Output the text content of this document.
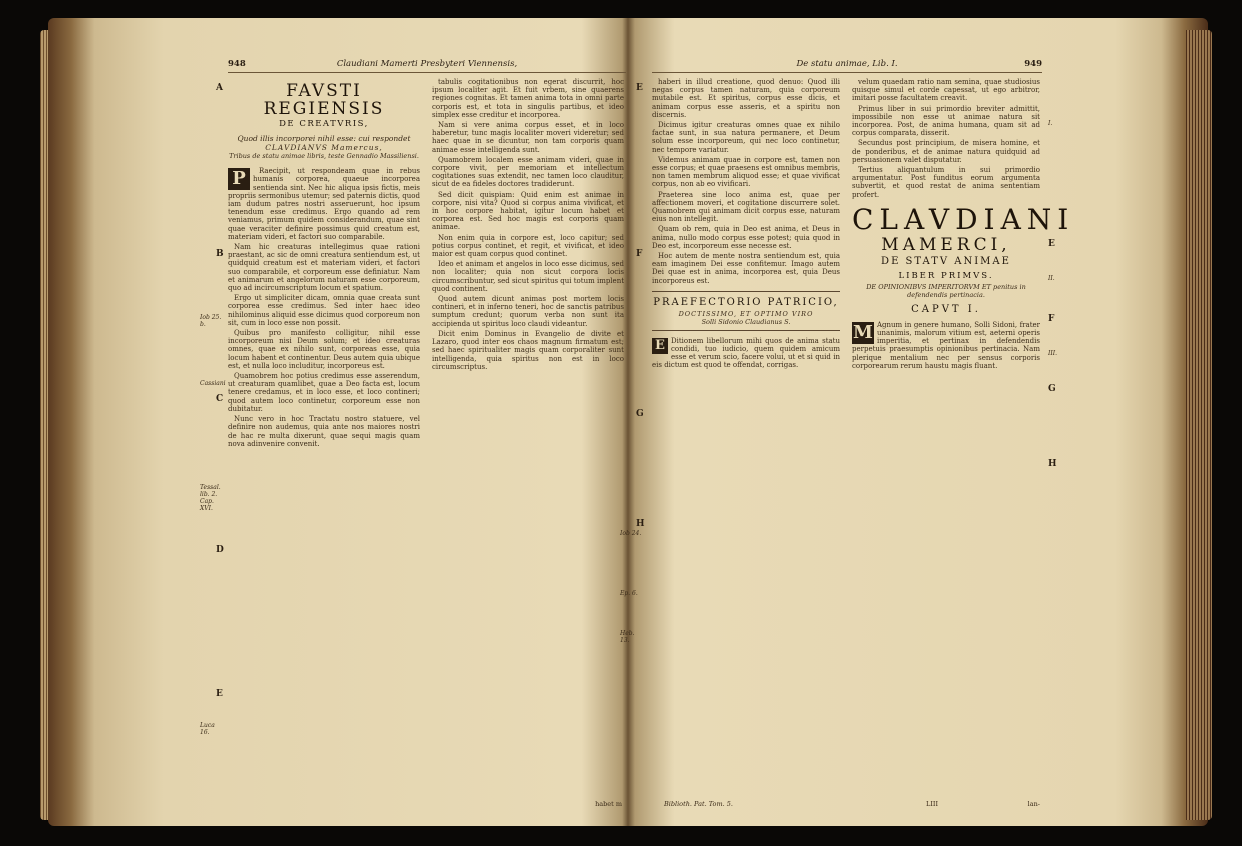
948	Claudiani Mamerti Presbyteri Viennensis,
A
B
C
D
E
Iob 25. b.
Cassiani
Tessal. lib. 2. Cap. XVI.
Luca 16.
FAVSTI REGIENSIS
DE CREATVRIS,
Quod illis incorporei nihil esse: cui respondet
CLAVDIANVS Mamercus,
Tribus de statu animae libris, teste Gennadio Massiliensi.
P	Raecipit, ut respondeam quae in rebus humanis corporea, quaeue incorporea sentienda sint. Nec hic aliqua ipsis fictis, meis propriis sermonibus utemur; sed paternis dictis, quod iam dudum patres nostri asseruerunt, hoc ipsum tenendum esse credimus. Ergo quando ad rem veniamus, primum quidem considerandum, quae sint quae veraciter definire possimus quid creatum est, materiam videri, et factori suo comparabile.

Nam hic creaturas intellegimus quae rationi praestant, ac sic de omni creatura sentiendum est, ut quidquid creatum est et materiam videri, et factori suo comparabile, et corporeum esse definiatur. Nam et animarum et angelorum naturam esse corporeum, quo ad incircumscriptum locum et spatium.

Ergo ut simpliciter dicam, omnia quae creata sunt corporea esse credimus. Sed inter haec ideo nihilominus aliquid esse dicimus quod corporeum non sit, cum in loco esse non possit.

Quibus pro manifesto colligitur, nihil esse incorporeum nisi Deum solum; et ideo creaturas omnes, quae ex nihilo sunt, corporeas esse, quia locum habent et continentur. Deus autem quia ubique est, et nulla loco includitur, incorporeus est.

Quamobrem hoc potius credimus esse asserendum, ut creaturam quamlibet, quae a Deo facta est, locum tenere credamus, et in loco esse, et loco contineri; quod autem loco continetur, corporeum esse non dubitatur.

Nunc vero in hoc Tractatu nostro statuere, vel definire non audemus, quia ante nos maiores nostri de hac re multa dixerunt, quae sequi magis quam nova adinvenire convenit.

tabulis cogitationibus non egerat discurrit, hoc ipsum localiter agit. Et fuit vrbem, sine quaerens regiones cognitas. Et tamen anima tota in omni parte corporis est, et tota in singulis partibus, et ideo simplex esse creditur et incorporea.

Nam si vere anima corpus esset, et in loco haberetur, tunc magis localiter moveri videretur; sed haec quae in se dicuntur, non tam corporis quam animae esse intelligenda sunt.

Quamobrem localem esse animam videri, quae in corpore vivit, per memoriam et intellectum cogitationes suas extendit, nec tamen loco clauditur, sicut de ea fideles doctores tradiderunt.

Sed dicit quispiam: Quid enim est animae in corpore, nisi vita? Quod si corpus anima vivificat, et in hoc corpore habitat, igitur locum habet et corporea est. Sed hoc magis est corporis quam animae.

Non enim quia in corpore est, loco capitur; sed potius corpus continet, et regit, et vivificat, et ideo maior est quam corpus quod continet.

Ideo et animam et angelos in loco esse dicimus, sed non localiter; quia non sicut corpora locis circumscribuntur, sed sicut spiritus qui totum implent quod continent.

Quod autem dicunt animas post mortem locis contineri, et in inferno teneri, hoc de sanctis patribus sumptum credunt; quorum verba non sunt ita accipienda ut spiritus loco claudi videantur.

Dicit enim Dominus in Evangelio de divite et Lazaro, quod inter eos chaos magnum firmatum est; sed haec spiritualiter magis quam corporaliter sunt intelligenda, quia spiritus non est in loco circumscriptus.

habet m
De statu animae, Lib. I.	949
E
F
G
H
Iob 24.
Ep. 6.
Heb. 13.
E
F
G
H
I.
II.
III.

haberi in illud creatione, quod denuo: Quod illi negas corpus tamen naturam, quia corporeum mutabile est. Et spiritus, corpus esse dicis, et animam corpus esse asseris, et a spiritu non discernis.

Dicimus igitur creaturas omnes quae ex nihilo factae sunt, in sua natura permanere, et Deum solum esse incorporeum, qui nec loco continetur, nec tempore variatur.

Videmus animam quae in corpore est, tamen non esse corpus; et quae praesens est omnibus membris, non tamen membrum aliquod esse; et quae vivificat corpus, non ab eo vivificari.

Praeterea sine loco anima est, quae per affectionem moveri, et cogitatione discurrere solet. Quamobrem qui animam dicit corpus esse, naturam eius non intellegit.

Quam ob rem, quia in Deo est anima, et Deus in anima, nullo modo corpus esse potest; quia quod in Deo est, incorporeum esse necesse est.

Hoc autem de mente nostra sentiendum est, quia eam imaginem Dei esse confitemur. Imago autem Dei quae est in anima, incorporea est, quia Deus incorporeus est.

PRAEFECTORIO PATRICIO,
DOCTISSIMO, ET OPTIMO VIRO
Solli Sidonio Claudianus S.
E Ditionem libellorum mihi quos de anima statu condidi, tuo iudicio, quem quidem amicum esse et verum scio, facere volui, ut et si quid in eis dictum est quod te offendat, corrigas.

Biblioth. Pat. Tom. 5.

velum quaedam ratio nam semina, quae studiosius quisque simul et corde capessat, ut ego arbitror, imitari posse facultatem creavit.

Primus liber in sui primordio breviter admittit, impossibile non esse ut animae natura sit incorporea. Post, de anima humana, quam sit ad corpus comparata, disserit.

Secundus post principium, de misera homine, et de ponderibus, et de animae natura quidquid ad persuasionem valet disputatur.

Tertius aliquantulum in sui primordio argumentatur. Post funditus eorum argumenta subvertit, et quod restat de anima sententiam profert.

CLAVDIANI
MAMERCI,
DE STATV ANIMAE
LIBER PRIMVS.
DE OPINIONIBVS IMPERITORVM ET penitus in defendendis pertinacia.
CAPVT I.
M Agnum in genere humano, Solli Sidoni, frater unanimis, malorum vitium est, aeterni operis imperitia, et pertinax in defendendis perpetuis praesumptis opinionibus pertinacia. Nam plerique mentalium nec per sensus corporis corporearum rerum haustu magis fluant.

LIII	lan-
